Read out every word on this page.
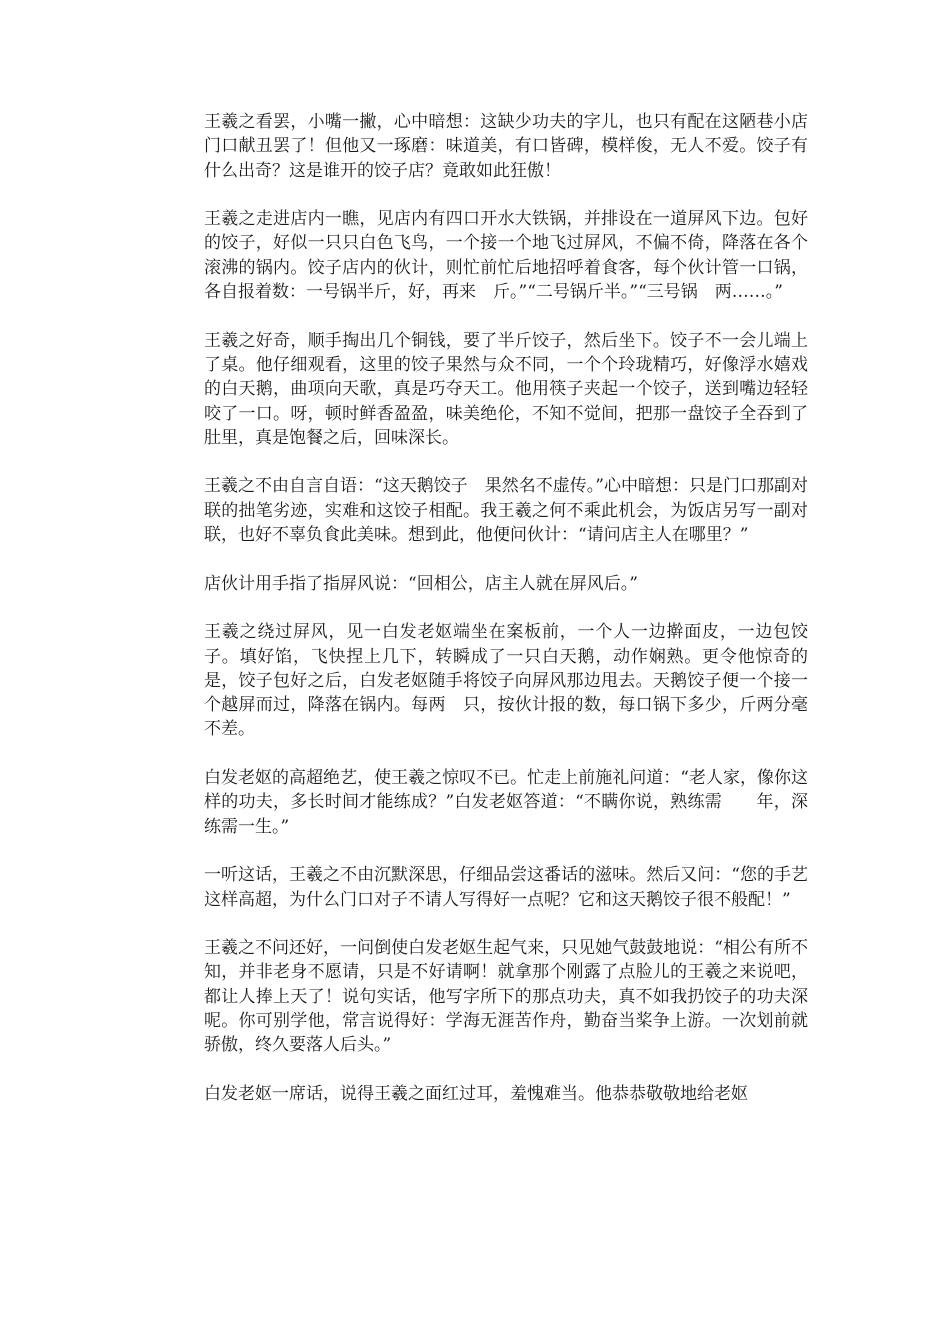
王羲之看罢，小嘴一撇，心中暗想：这缺少功夫的字儿，也只有配在这陋巷小店门口献丑罢了！但他又一琢磨：味道美，有口皆碑，模样俊，无人不爱。饺子有什么出奇？这是谁开的饺子店？竟敢如此狂傲！

王羲之走进店内一瞧，见店内有四口开水大铁锅，并排设在一道屏风下边。包好的饺子，好似一只只白色飞鸟，一个接一个地飞过屏风，不偏不倚，降落在各个滚沸的锅内。饺子店内的伙计，则忙前忙后地招呼着食客，每个伙计管一口锅，各自报着数：一号锅半斤，好，再来　斤。”“二号锅斤半。”“三号锅　两……。”

王羲之好奇，顺手掏出几个铜钱，要了半斤饺子，然后坐下。饺子不一会儿端上了桌。他仔细观看，这里的饺子果然与众不同，一个个玲珑精巧，好像浮水嬉戏的白天鹅，曲项向天歌，真是巧夺天工。他用筷子夹起一个饺子，送到嘴边轻轻咬了一口。呀，顿时鲜香盈盈，味美绝伦，不知不觉间，把那一盘饺子全吞到了肚里，真是饱餐之后，回味深长。

王羲之不由自言自语：“这天鹅饺子　果然名不虚传。”心中暗想：只是门口那副对联的拙笔劣迹，实难和这饺子相配。我王羲之何不乘此机会，为饭店另写一副对联，也好不辜负食此美味。想到此，他便问伙计：“请问店主人在哪里？”

店伙计用手指了指屏风说：“回相公，店主人就在屏风后。”

王羲之绕过屏风，见一白发老妪端坐在案板前，一个人一边擀面皮，一边包饺子。填好馅，飞快捏上几下，转瞬成了一只白天鹅，动作娴熟。更令他惊奇的是，饺子包好之后，白发老妪随手将饺子向屏风那边甩去。天鹅饺子便一个接一个越屏而过，降落在锅内。每两　只，按伙计报的数，每口锅下多少，斤两分毫不差。

白发老妪的高超绝艺，使王羲之惊叹不已。忙走上前施礼问道：“老人家，像你这样的功夫，多长时间才能练成？”白发老妪答道：“不瞒你说，熟练需　　年，深练需一生。”

一听这话，王羲之不由沉默深思，仔细品尝这番话的滋味。然后又问：“您的手艺这样高超，为什么门口对子不请人写得好一点呢？它和这天鹅饺子很不般配！”

王羲之不问还好，一问倒使白发老妪生起气来，只见她气鼓鼓地说：“相公有所不知，并非老身不愿请，只是不好请啊！就拿那个刚露了点脸儿的王羲之来说吧，都让人捧上天了！说句实话，他写字所下的那点功夫，真不如我扔饺子的功夫深呢。你可别学他，常言说得好：学海无涯苦作舟，勤奋当桨争上游。一次划前就骄傲，终久要落人后头。”

白发老妪一席话，说得王羲之面红过耳，羞愧难当。他恭恭敬敬地给老妪
